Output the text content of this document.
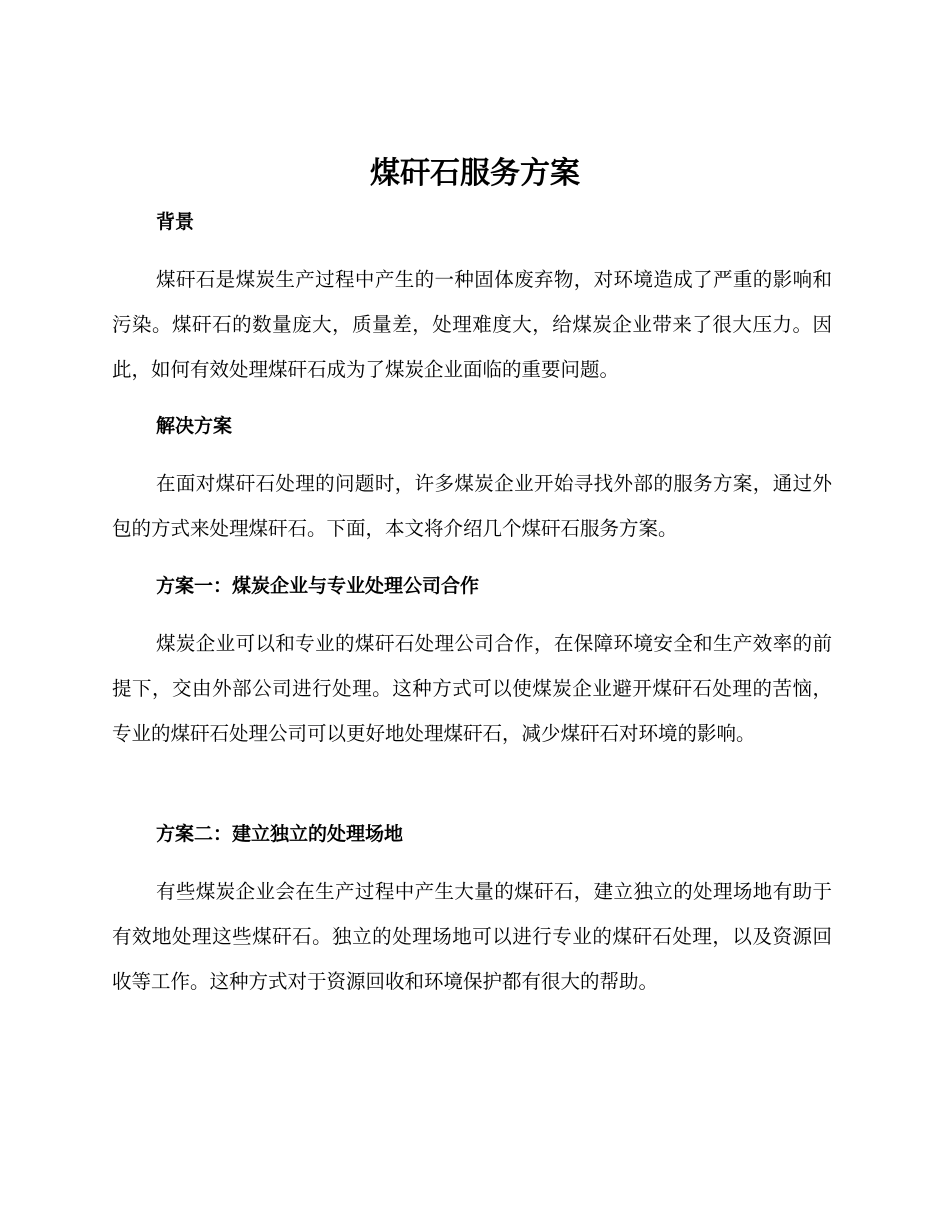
煤矸石服务方案
背景

煤矸石是煤炭生产过程中产生的一种固体废弃物，对环境造成了严重的影响和污染。煤矸石的数量庞大，质量差，处理难度大，给煤炭企业带来了很大压力。因此，如何有效处理煤矸石成为了煤炭企业面临的重要问题。

解决方案

在面对煤矸石处理的问题时，许多煤炭企业开始寻找外部的服务方案，通过外包的方式来处理煤矸石。下面，本文将介绍几个煤矸石服务方案。

方案一：煤炭企业与专业处理公司合作

煤炭企业可以和专业的煤矸石处理公司合作，在保障环境安全和生产效率的前提下，交由外部公司进行处理。这种方式可以使煤炭企业避开煤矸石处理的苦恼，专业的煤矸石处理公司可以更好地处理煤矸石，减少煤矸石对环境的影响。

方案二：建立独立的处理场地

有些煤炭企业会在生产过程中产生大量的煤矸石，建立独立的处理场地有助于有效地处理这些煤矸石。独立的处理场地可以进行专业的煤矸石处理，以及资源回收等工作。这种方式对于资源回收和环境保护都有很大的帮助。
